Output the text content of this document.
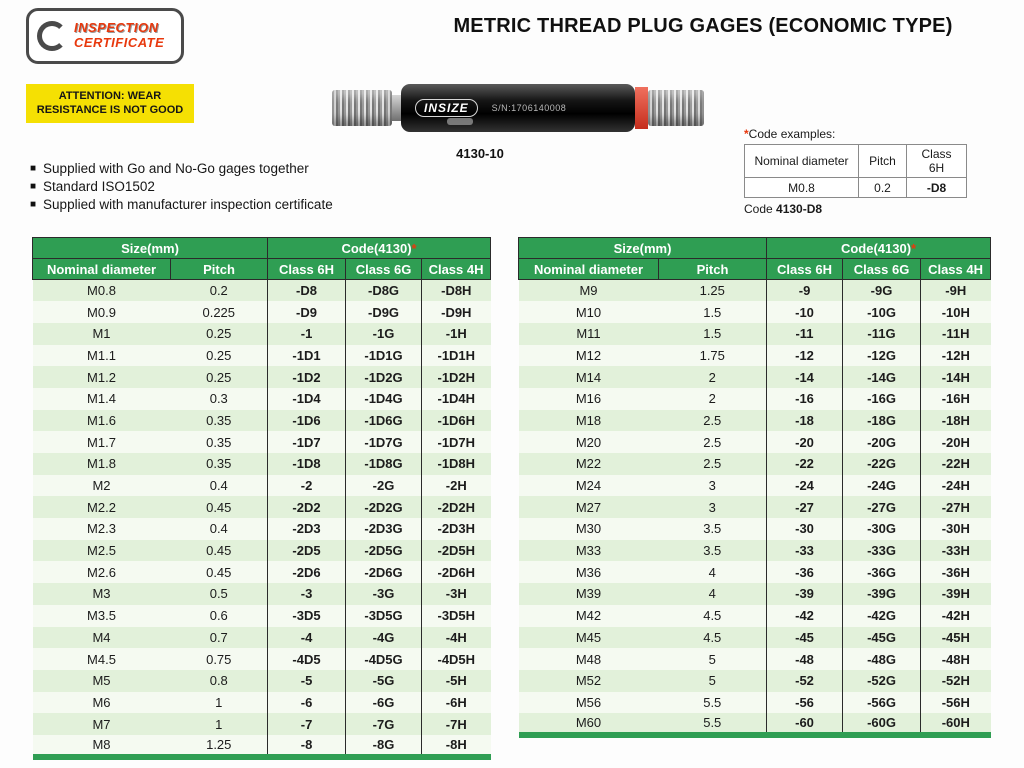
INSPECTION
CERTIFICATE
METRIC THREAD PLUG GAGES (ECONOMIC TYPE)
ATTENTION: WEAR
RESISTANCE IS NOT GOOD	INSIZE	S/N:1706140008
4130-10
■ Supplied with Go and No-Go gages together
■ Standard ISO1502
■ Supplied with manufacturer inspection certificate
*Code examples:
Nominal diameter	Pitch	Class 6H
M0.8	0.2	-D8
Code 4130-D8
Size(mm)		Code(4130)*		
Nominal diameter	Pitch	Class 6H	Class 6G	Class 4H
M0.8	0.2	-D8	-D8G	-D8H
M0.9	0.225	-D9	-D9G	-D9H
M1	0.25	-1	-1G	-1H
M1.1	0.25	-1D1	-1D1G	-1D1H
M1.2	0.25	-1D2	-1D2G	-1D2H
M1.4	0.3	-1D4	-1D4G	-1D4H
M1.6	0.35	-1D6	-1D6G	-1D6H
M1.7	0.35	-1D7	-1D7G	-1D7H
M1.8	0.35	-1D8	-1D8G	-1D8H
M2	0.4	-2	-2G	-2H
M2.2	0.45	-2D2	-2D2G	-2D2H
M2.3	0.4	-2D3	-2D3G	-2D3H
M2.5	0.45	-2D5	-2D5G	-2D5H
M2.6	0.45	-2D6	-2D6G	-2D6H
M3	0.5	-3	-3G	-3H
M3.5	0.6	-3D5	-3D5G	-3D5H
M4	0.7	-4	-4G	-4H
M4.5	0.75	-4D5	-4D5G	-4D5H
M5	0.8	-5	-5G	-5H
M6	1	-6	-6G	-6H
M7	1	-7	-7G	-7H
M8	1.25	-8	-8G	-8H
Size(mm)		Code(4130)*		
Nominal diameter	Pitch	Class 6H	Class 6G	Class 4H
M9	1.25	-9	-9G	-9H
M10	1.5	-10	-10G	-10H
M11	1.5	-11	-11G	-11H
M12	1.75	-12	-12G	-12H
M14	2	-14	-14G	-14H
M16	2	-16	-16G	-16H
M18	2.5	-18	-18G	-18H
M20	2.5	-20	-20G	-20H
M22	2.5	-22	-22G	-22H
M24	3	-24	-24G	-24H
M27	3	-27	-27G	-27H
M30	3.5	-30	-30G	-30H
M33	3.5	-33	-33G	-33H
M36	4	-36	-36G	-36H
M39	4	-39	-39G	-39H
M42	4.5	-42	-42G	-42H
M45	4.5	-45	-45G	-45H
M48	5	-48	-48G	-48H
M52	5	-52	-52G	-52H
M56	5.5	-56	-56G	-56H
M60	5.5	-60	-60G	-60H
